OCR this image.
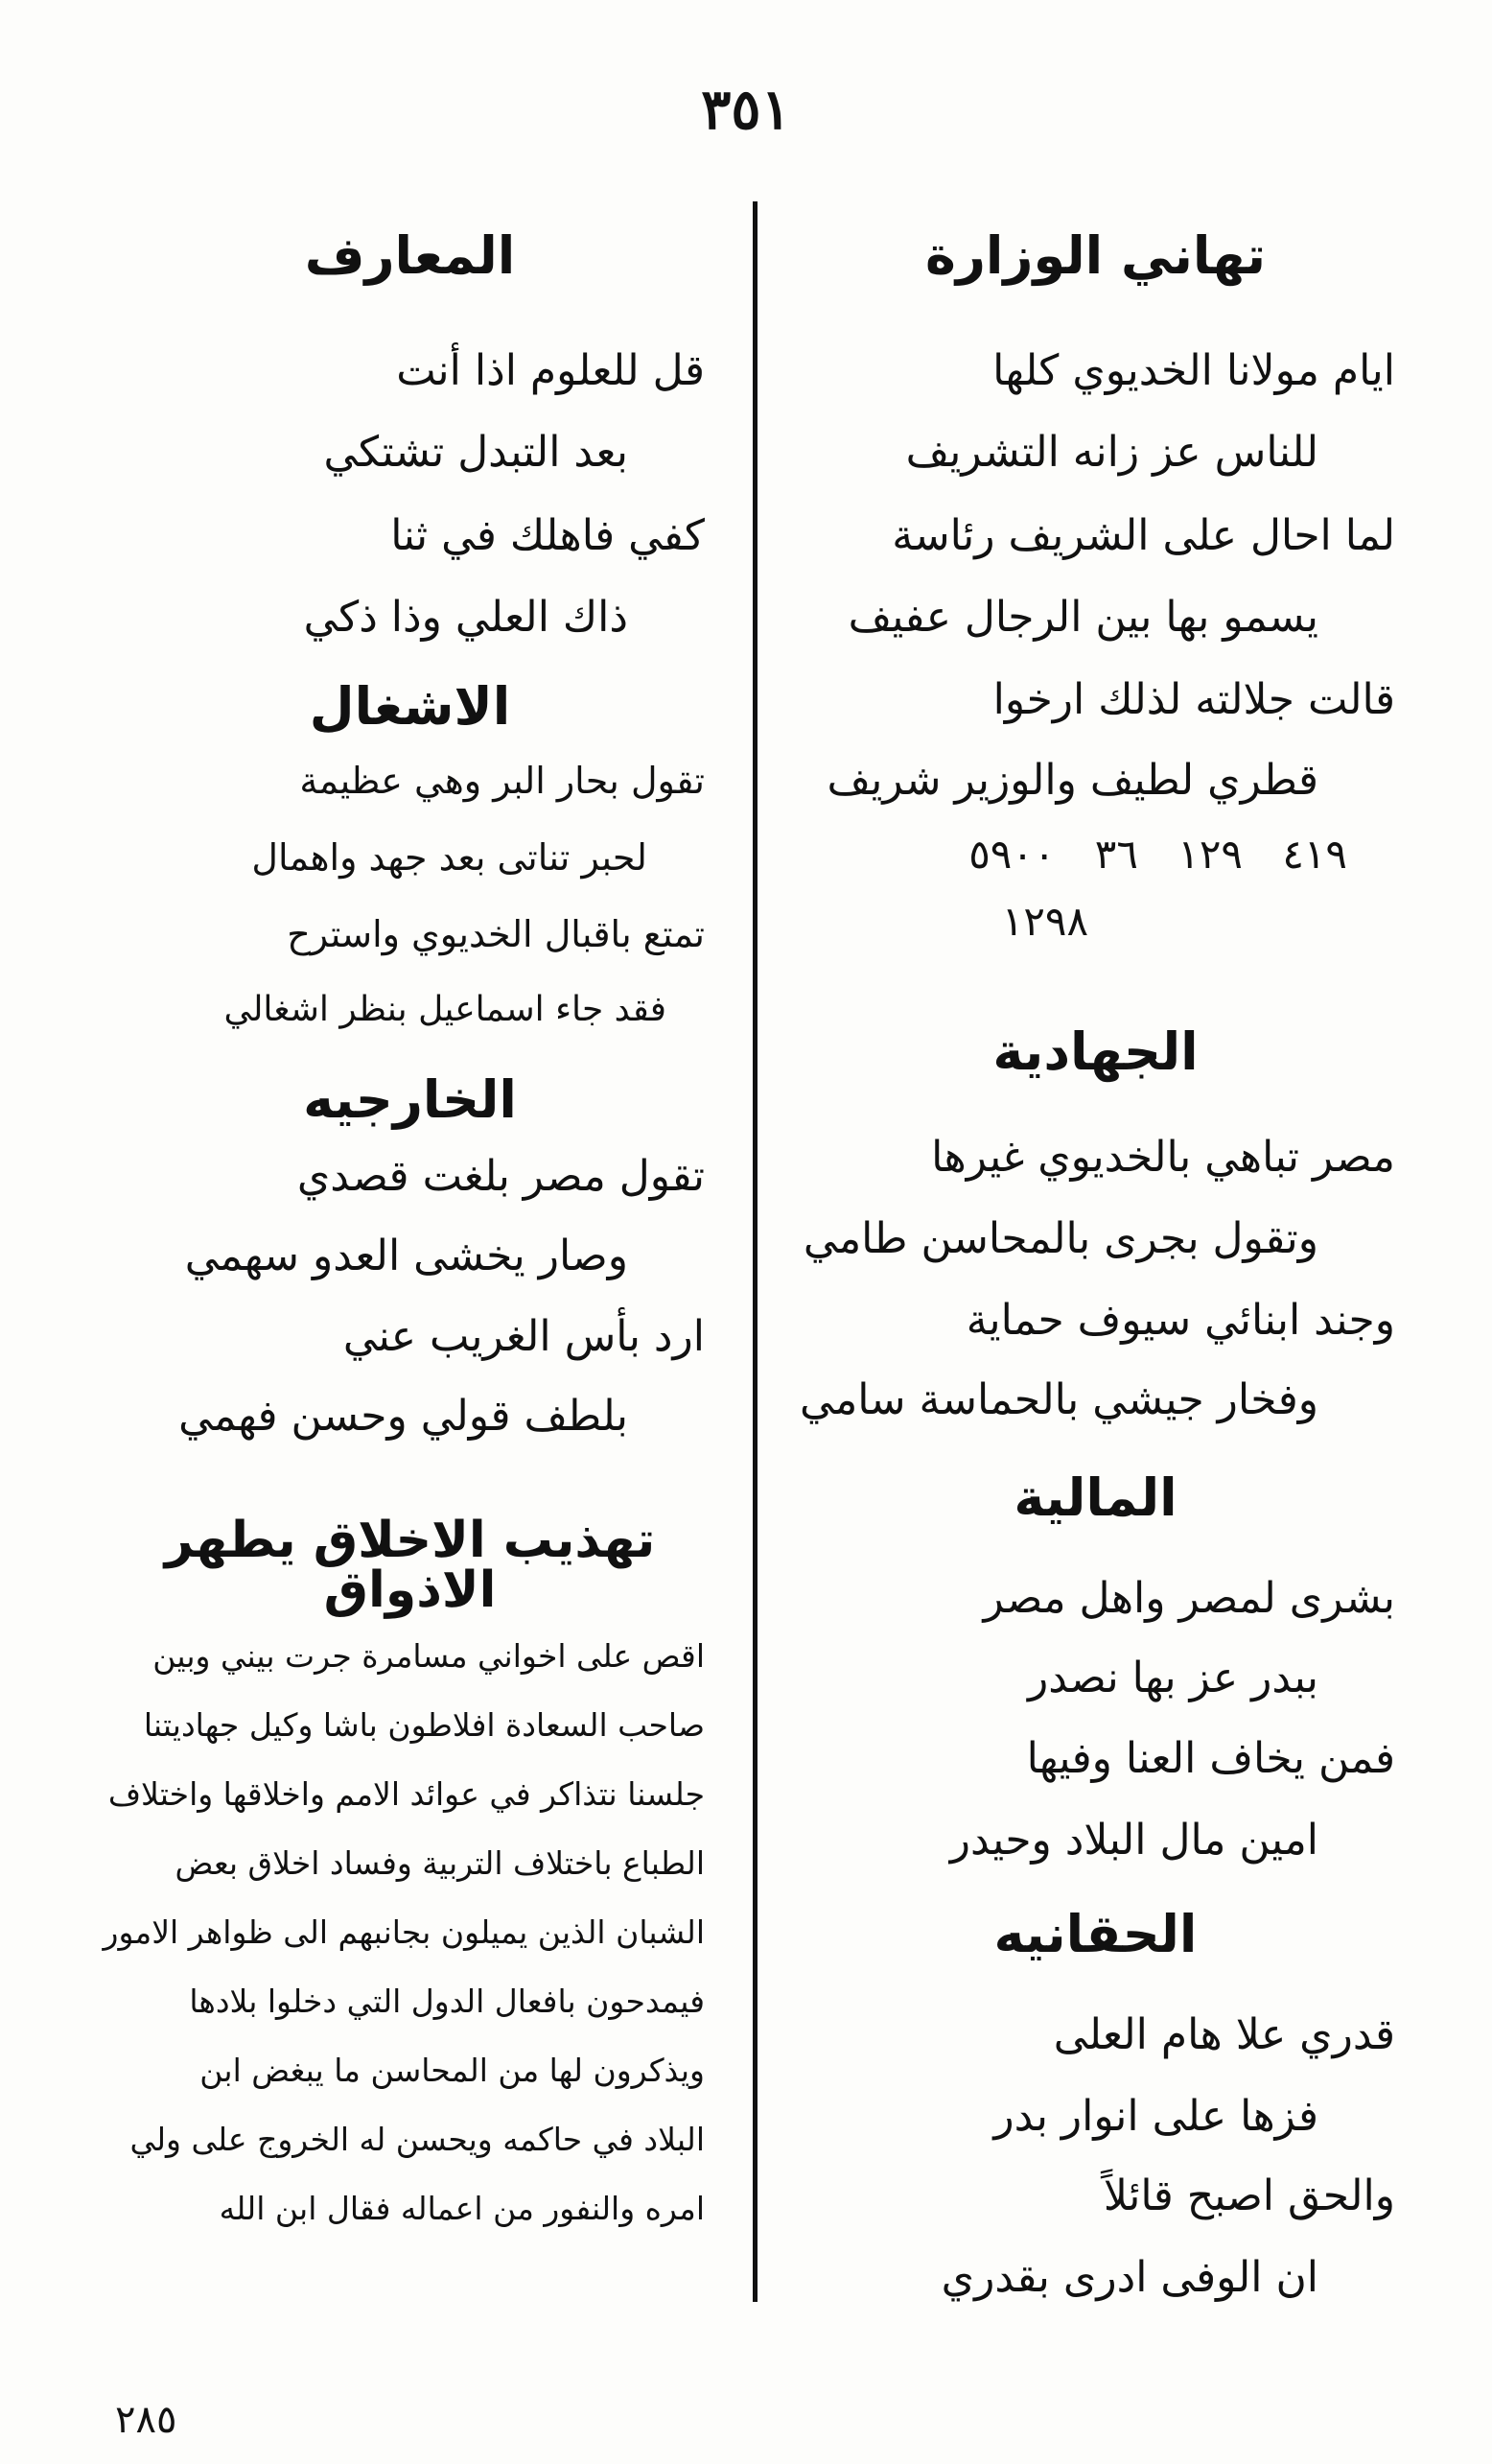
٣٥١
تهاني الوزارة

ايام مولانا الخديوي كلها

للناس عز زانه التشريف

لما احال على الشريف رئاسة

يسمو بها بين الرجال عفيف

قالت جلالته لذلك ارخوا

قطري لطيف والوزير شريف

٤١٩ ١٢٩ ٣٦ ٥٩٠٠

١٢٩٨

الجهادية

مصر تباهي بالخديوي غيرها

وتقول بجرى بالمحاسن طامي

وجند ابنائي سيوف حماية

وفخار جيشي بالحماسة سامي

المالية

بشرى لمصر واهل مصر

ببدر عز بها نصدر

فمن يخاف العنا وفيها

امين مال البلاد وحيدر

الحقانيه

قدري علا هام العلى

فزها على انوار بدر

والحق اصبح قائلاً

ان الوفى ادرى بقدري

المعارف

قل للعلوم اذا أنت

بعد التبدل تشتكي

كفي فاهلك في ثنا

ذاك العلي وذا ذكي

الاشغال

تقول بحار البر وهي عظيمة

لحبر تناتى بعد جهد واهمال

تمتع باقبال الخديوي واسترح

فقد جاء اسماعيل بنظر اشغالي

الخارجيه

تقول مصر بلغت قصدي

وصار يخشى العدو سهمي

ارد بأس الغريب عني

بلطف قولي وحسن فهمي

تهذيب الاخلاق يطهر الاذواق

اقص على اخواني مسامرة جرت بيني وبين

صاحب السعادة افلاطون باشا وكيل جهاديتنا

جلسنا نتذاكر في عوائد الامم واخلاقها واختلاف

الطباع باختلاف التربية وفساد اخلاق بعض

الشبان الذين يميلون بجانبهم الى ظواهر الامور

فيمدحون بافعال الدول التي دخلوا بلادها

ويذكرون لها من المحاسن ما يبغض ابن

البلاد في حاكمه ويحسن له الخروج على ولي

امره والنفور من اعماله فقال ابن الله

٢٨٥
